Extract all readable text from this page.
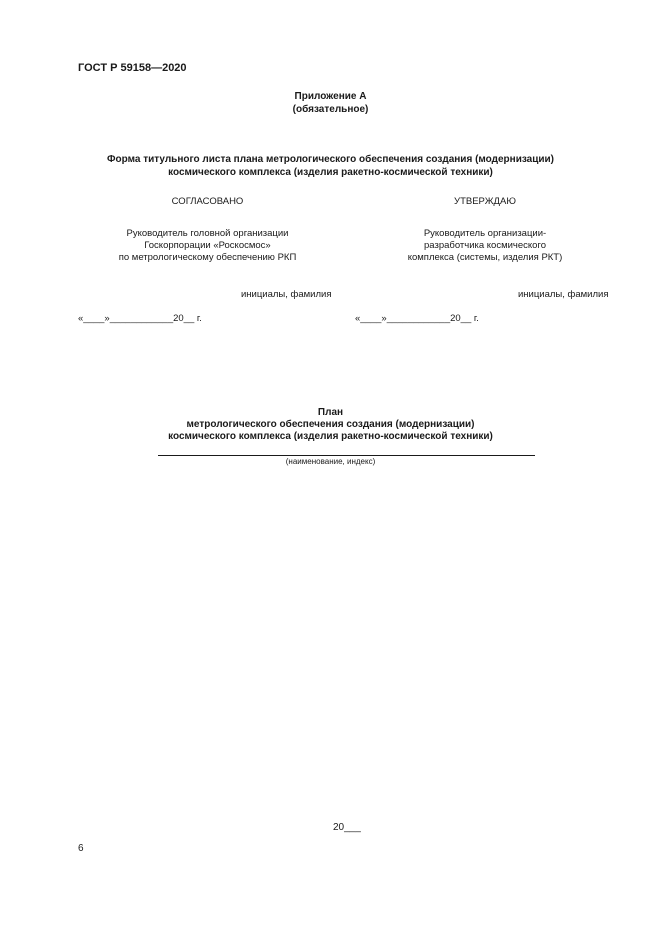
ГОСТ Р 59158—2020
Приложение А
(обязательное)
Форма титульного листа плана метрологического обеспечения создания (модернизации)
космического комплекса (изделия ракетно-космической техники)
СОГЛАСОВАНО
Руководитель головной организации
Госкорпорации «Роскосмос»
по метрологическому обеспечению РКП
инициалы, фамилия
«____»____________20__ г.
УТВЕРЖДАЮ
Руководитель организации-
разработчика космического
комплекса (системы, изделия РКТ)
инициалы, фамилия
«____»____________20__ г.
План
метрологического обеспечения создания (модернизации)
космического комплекса (изделия ракетно-космической техники)
(наименование, индекс)
20___
6
